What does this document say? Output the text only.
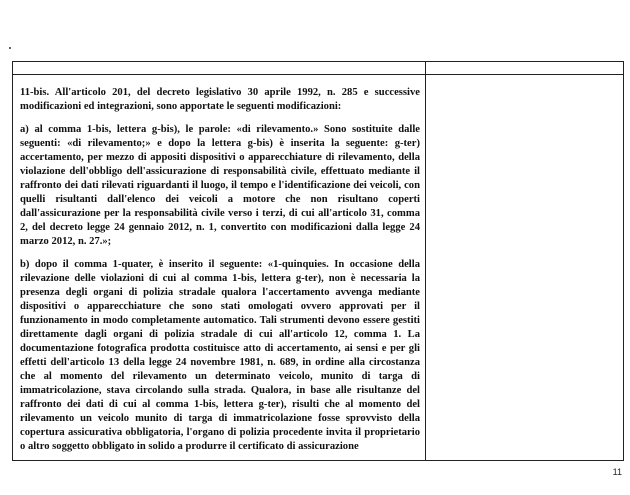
11-bis. All'articolo 201, del decreto legislativo 30 aprile 1992, n. 285 e successive modificazioni ed integrazioni, sono apportate le seguenti modificazioni:

a) al comma 1-bis, lettera g-bis), le parole: «di rilevamento.» Sono sostituite dalle seguenti: «di rilevamento;» e dopo la lettera g-bis) è inserita la seguente: g-ter) accertamento, per mezzo di appositi dispositivi o apparecchiature di rilevamento, della violazione dell'obbligo dell'assicurazione di responsabilità civile, effettuato mediante il raffronto dei dati rilevati riguardanti il luogo, il tempo e l'identificazione dei veicoli, con quelli risultanti dall'elenco dei veicoli a motore che non risultano coperti dall'assicurazione per la responsabilità civile verso i terzi, di cui all'articolo 31, comma 2, del decreto legge 24 gennaio 2012, n. 1, convertito con modificazioni dalla legge 24 marzo 2012, n. 27.»;

b) dopo il comma 1-quater, è inserito il seguente: «1-quinquies. In occasione della rilevazione delle violazioni di cui al comma 1-bis, lettera g-ter), non è necessaria la presenza degli organi di polizia stradale qualora l'accertamento avvenga mediante dispositivi o apparecchiature che sono stati omologati ovvero approvati per il funzionamento in modo completamente automatico. Tali strumenti devono essere gestiti direttamente dagli organi di polizia stradale di cui all'articolo 12, comma 1. La documentazione fotografica prodotta costituisce atto di accertamento, ai sensi e per gli effetti dell'articolo 13 della legge 24 novembre 1981, n. 689, in ordine alla circostanza che al momento del rilevamento un determinato veicolo, munito di targa di immatricolazione, stava circolando sulla strada. Qualora, in base alle risultanze del raffronto dei dati di cui al comma 1-bis, lettera g-ter), risulti che al momento del rilevamento un veicolo munito di targa di immatricolazione fosse sprovvisto della copertura assicurativa obbligatoria, l'organo di polizia procedente invita il proprietario o altro soggetto obbligato in solido a produrre il certificato di assicurazione

11
